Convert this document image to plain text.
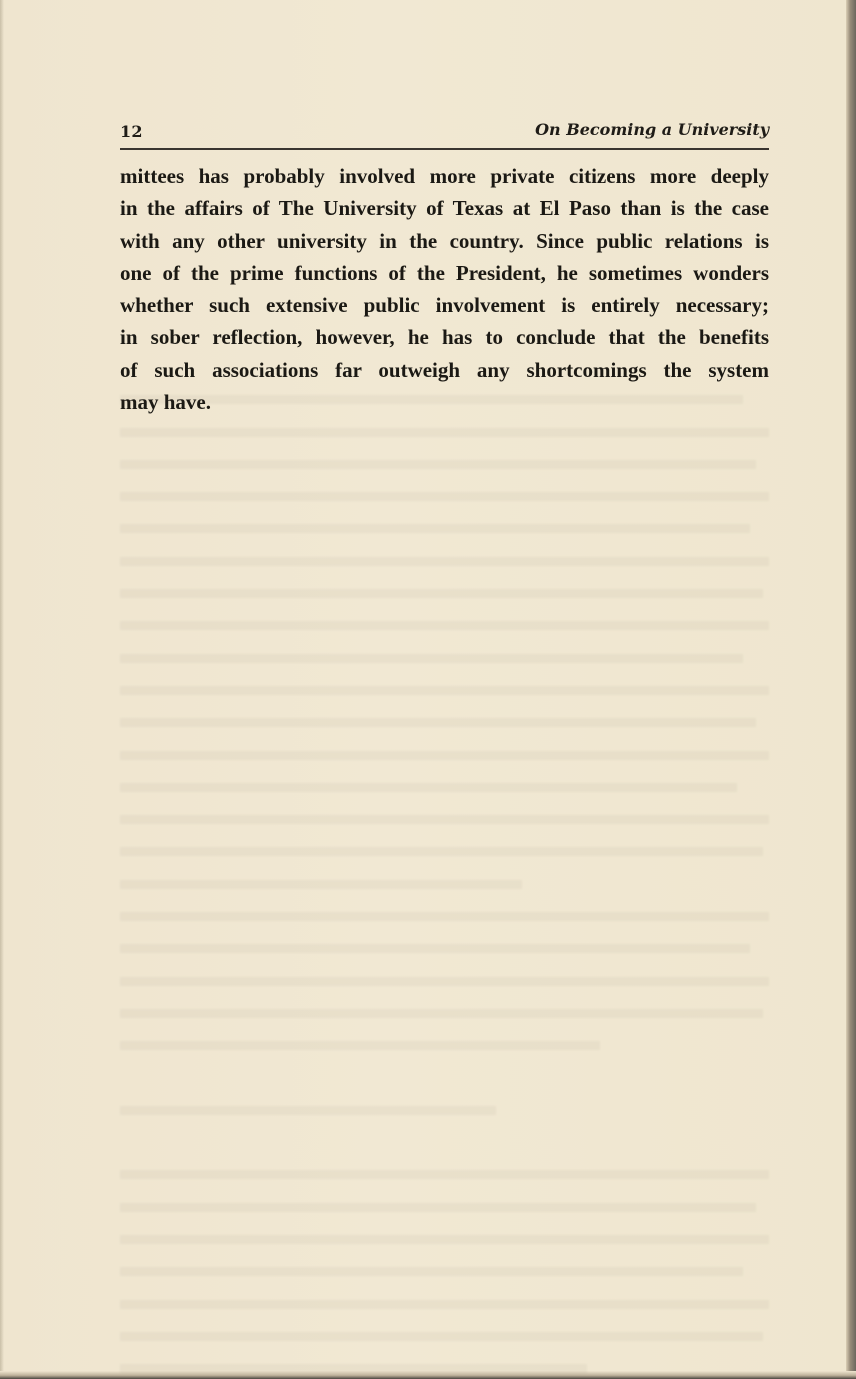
12	On Becoming a University
mittees has probably involved more private citizens more deeply
in the affairs of The University of Texas at El Paso than is the case
with any other university in the country. Since public relations is
one of the prime functions of the President, he sometimes wonders
whether such extensive public involvement is entirely necessary;
in sober reflection, however, he has to conclude that the benefits
of such associations far outweigh any shortcomings the system
may have.
